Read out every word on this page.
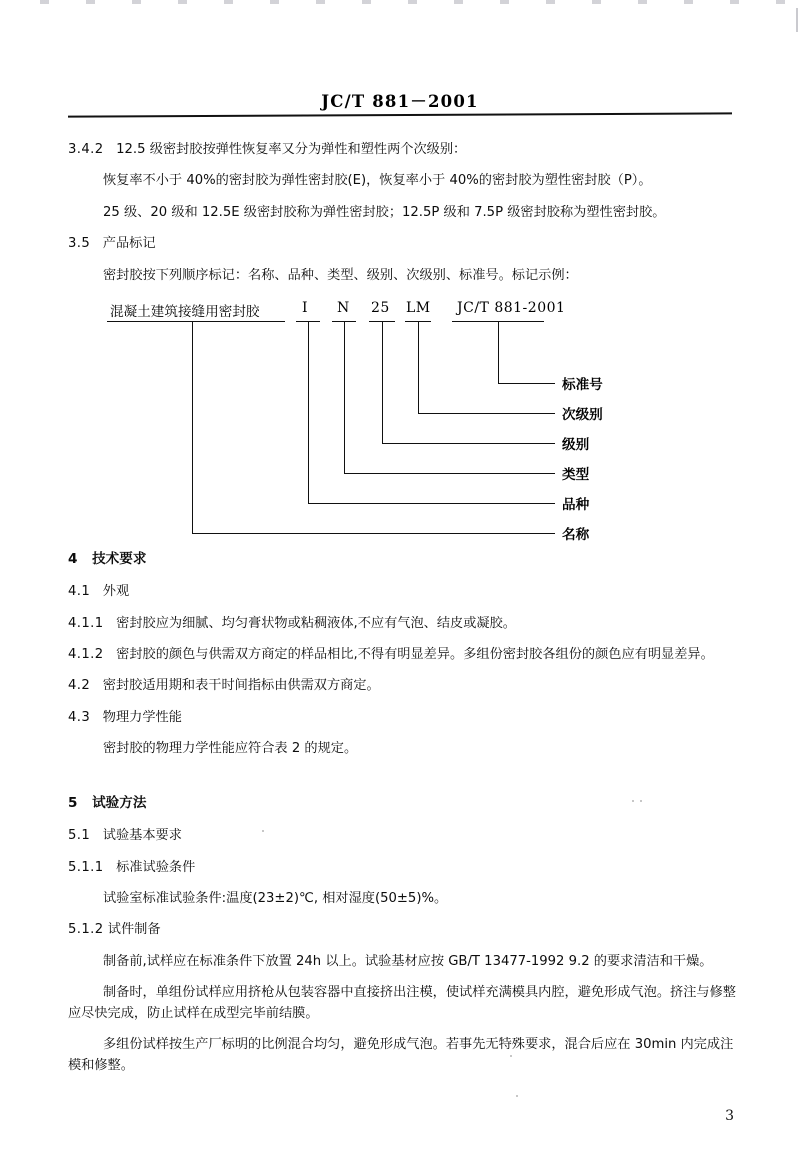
JC/T 881－2001

3.4.2 12.5 级密封胶按弹性恢复率又分为弹性和塑性两个次级别：

恢复率不小于 40%的密封胶为弹性密封胶(E)，恢复率小于 40%的密封胶为塑性密封胶（P）。

25 级、20 级和 12.5E 级密封胶称为弹性密封胶；12.5P 级和 7.5P 级密封胶称为塑性密封胶。

3.5 产品标记

密封胶按下列顺序标记：名称、品种、类型、级别、次级别、标准号。标记示例：

混凝土建筑接缝用密封胶	I N 25 LM JC/T 881-2001
标准号
次级别
级别
类型
品种
名称

4 技术要求

4.1 外观

4.1.1 密封胶应为细腻、均匀膏状物或粘稠液体,不应有气泡、结皮或凝胶。

4.1.2 密封胶的颜色与供需双方商定的样品相比,不得有明显差异。多组份密封胶各组份的颜色应有明显差异。

4.2 密封胶适用期和表干时间指标由供需双方商定。

4.3 物理力学性能

密封胶的物理力学性能应符合表 2 的规定。

5 试验方法

5.1 试验基本要求

5.1.1 标准试验条件

试验室标准试验条件:温度(23±2)℃, 相对湿度(50±5)%。

5.1.2 试件制备

制备前,试样应在标准条件下放置 24h 以上。试验基材应按 GB/T 13477-1992 9.2 的要求清洁和干燥。

制备时，单组份试样应用挤枪从包装容器中直接挤出注模，使试样充满模具内腔，避免形成气泡。挤注与修整应尽快完成，防止试样在成型完毕前结膜。

多组份试样按生产厂标明的比例混合均匀，避免形成气泡。若事先无特殊要求，混合后应在 30min 内完成注模和修整。

3
